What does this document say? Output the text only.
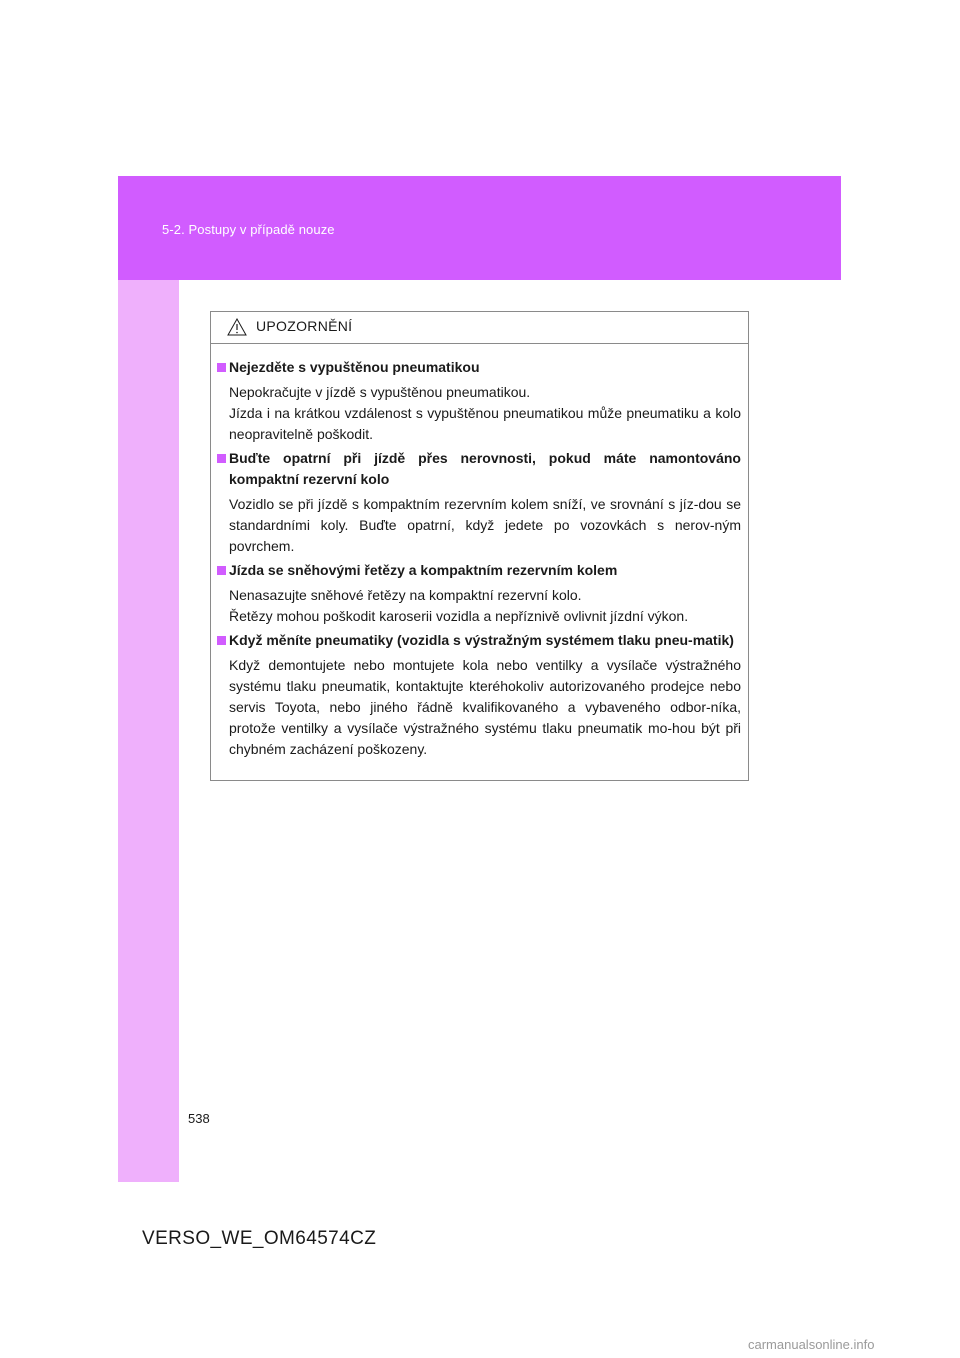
5-2. Postupy v případě nouze
UPOZORNĚNÍ
Nejezděte s vypuštěnou pneumatikou

Nepokračujte v jízdě s vypuštěnou pneumatikou.

Jízda i na krátkou vzdálenost s vypuštěnou pneumatikou může pneumatiku a kolo neopravitelně poškodit.

Buďte opatrní při jízdě přes nerovnosti, pokud máte namontováno kompaktní rezervní kolo

Vozidlo se při jízdě s kompaktním rezervním kolem sníží, ve srovnání s jíz-dou se standardními koly. Buďte opatrní, když jedete po vozovkách s nerov-ným povrchem.

Jízda se sněhovými řetězy a kompaktním rezervním kolem

Nenasazujte sněhové řetězy na kompaktní rezervní kolo.

Řetězy mohou poškodit karoserii vozidla a nepříznivě ovlivnit jízdní výkon.

Když měníte pneumatiky (vozidla s výstražným systémem tlaku pneu-matik)

Když demontujete nebo montujete kola nebo ventilky a vysílače výstražného systému tlaku pneumatik, kontaktujte kteréhokoliv autorizovaného prodejce nebo servis Toyota, nebo jiného řádně kvalifikovaného a vybaveného odbor-níka, protože ventilky a vysílače výstražného systému tlaku pneumatik mo-hou být při chybném zacházení poškozeny.

538
VERSO_WE_OM64574CZ
carmanualsonline.info
